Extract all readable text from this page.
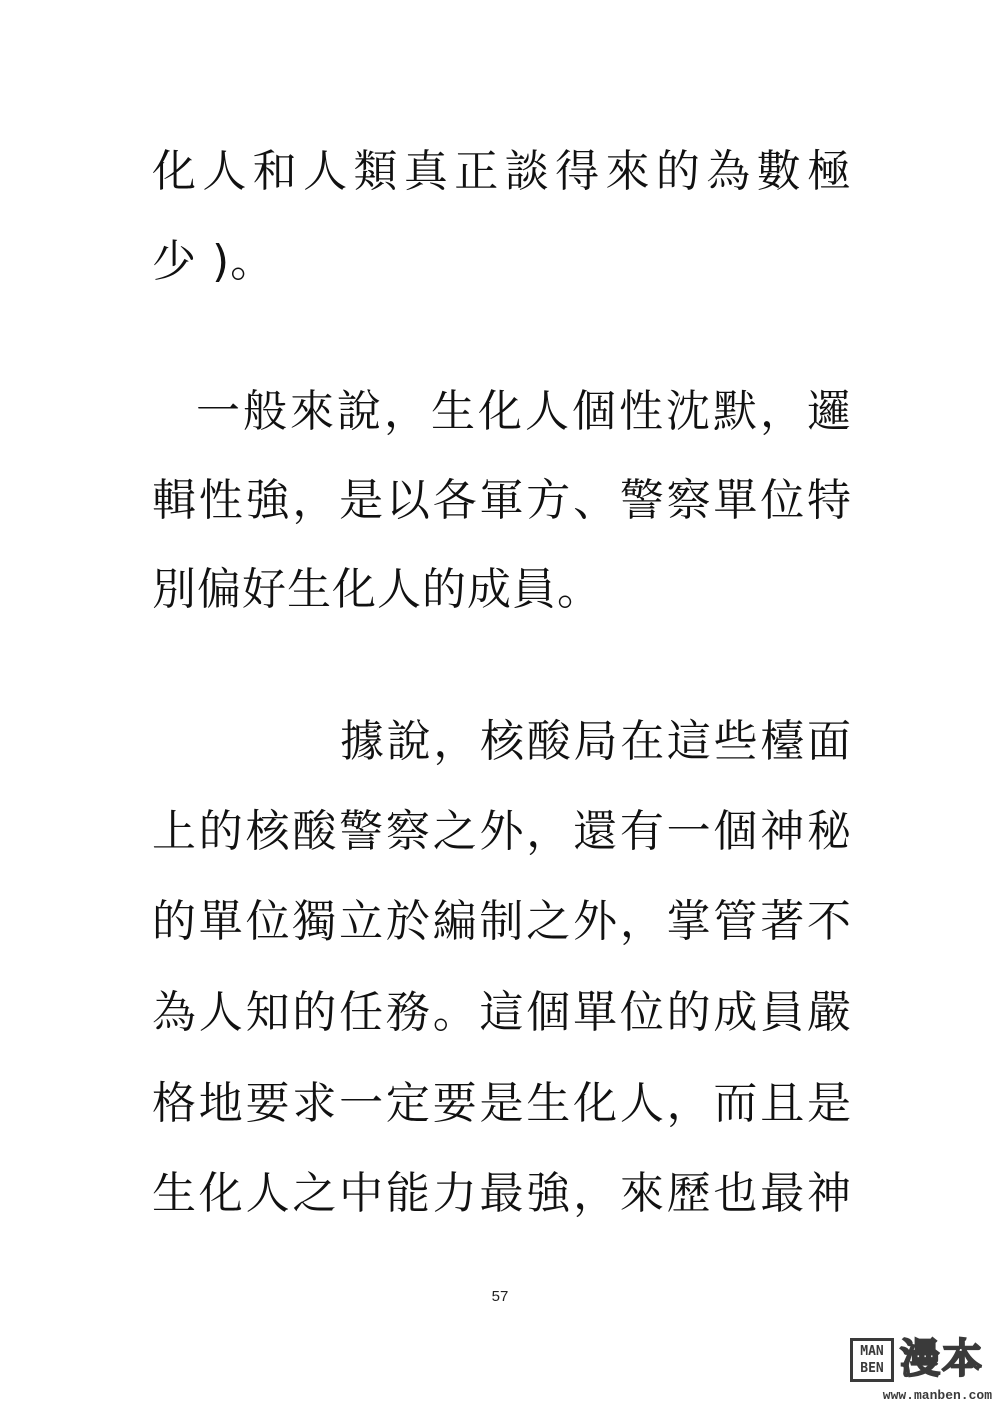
化人和人類真正談得來的為數極
少 )。
一般來說，生化人個性沈默，邏
輯性強，是以各軍方、警察單位特
別偏好生化人的成員。
據說，核酸局在這些檯面
上的核酸警察之外，還有一個神秘
的單位獨立於編制之外，掌管著不
為人知的任務。這個單位的成員嚴
格地要求一定要是生化人，而且是
生化人之中能力最強，來歷也最神
57
MAN BEN 漫本
www.manben.com
